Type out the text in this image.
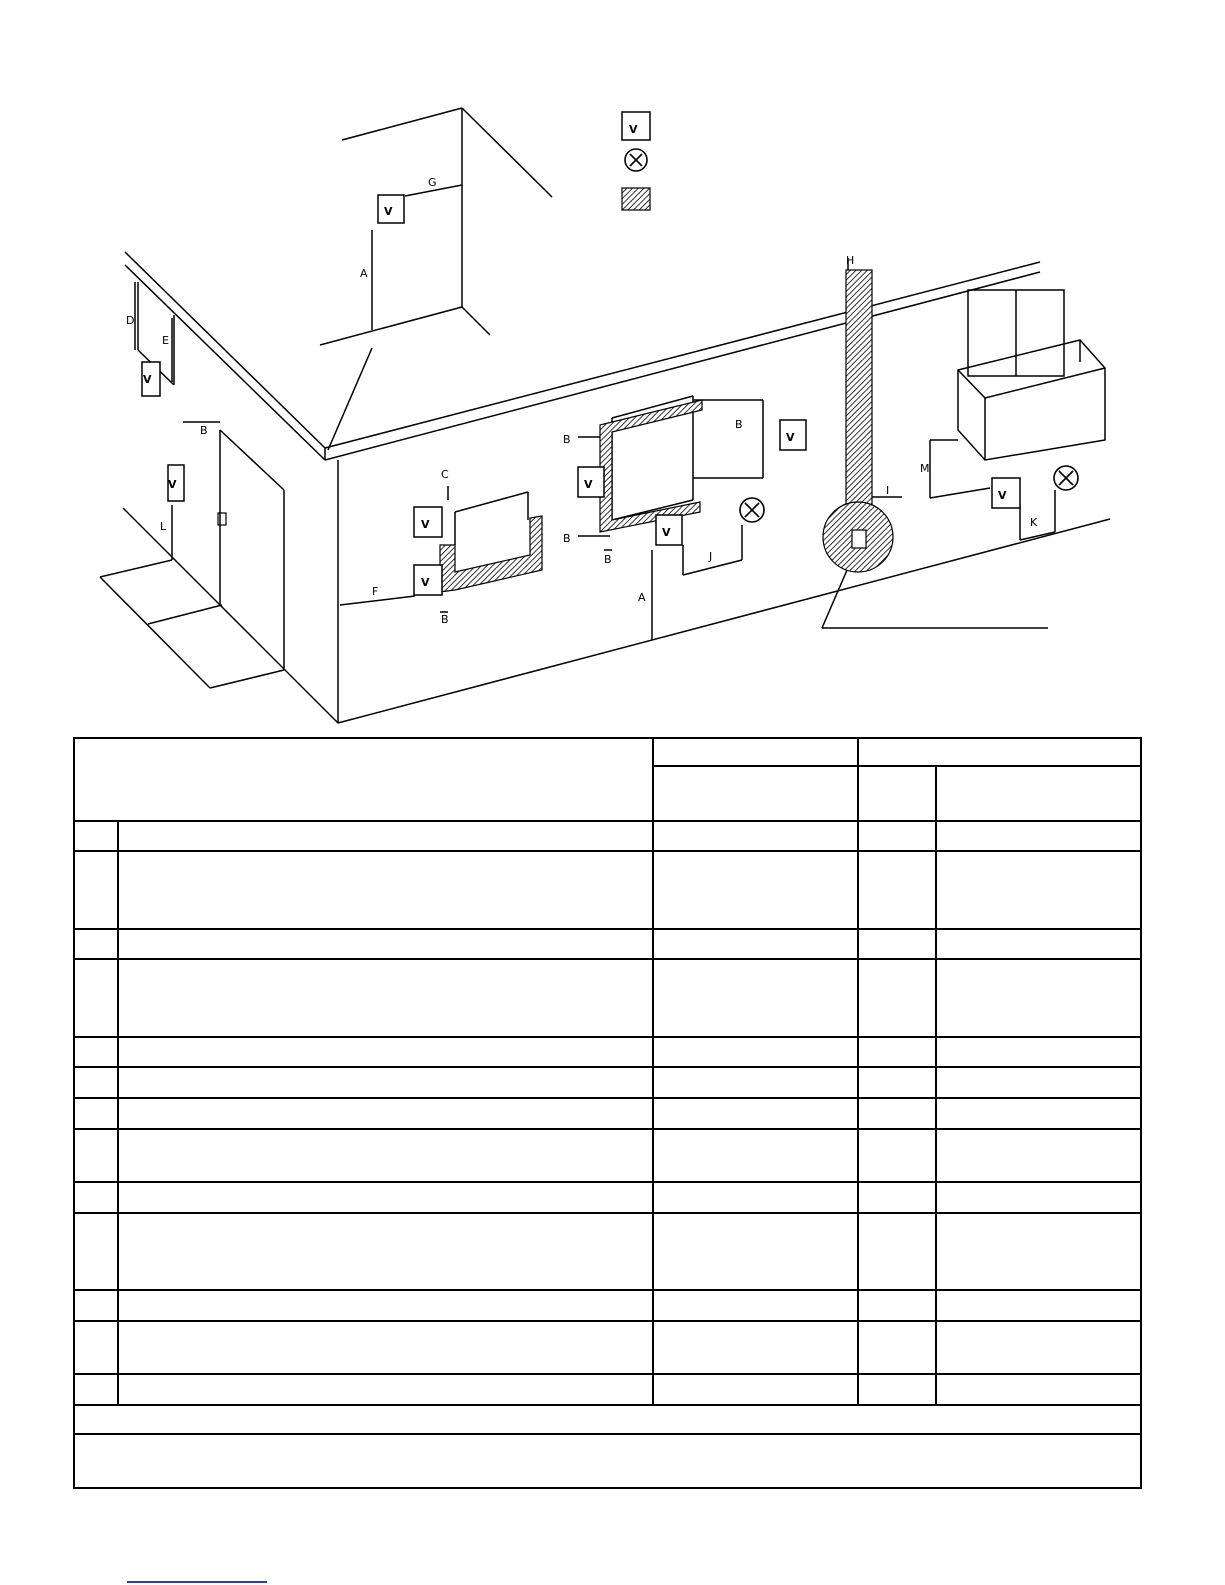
V
V
V
V
V
V
V
V
V
V
A
A
B	B
B
B
B
B
C
D
E
F
G
H
I
J
K
L
M
